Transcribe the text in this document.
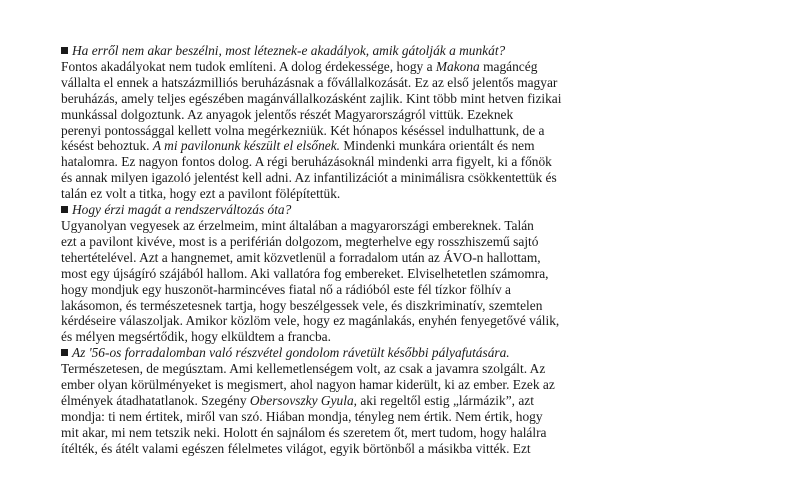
Ha erről nem akar beszélni, most léteznek-e akadályok, amik gátolják a munkát?

Fontos akadályokat nem tudok említeni. A dolog érdekessége, hogy a Makona magáncég
vállalta el ennek a hatszázmilliós beruházásnak a fővállalkozását. Ez az első jelentős magyar
beruházás, amely teljes egészében magánvállalkozásként zajlik. Kint több mint hetven fizikai
munkással dolgoztunk. Az anyagok jelentős részét Magyarországról vittük. Ezeknek
perenyi pontossággal kellett volna megérkezniük. Két hónapos késéssel indulhattunk, de a
késést behoztuk. A mi pavilonunk készült el elsőnek. Mindenki munkára orientált és nem
hatalomra. Ez nagyon fontos dolog. A régi beruházásoknál mindenki arra figyelt, ki a főnök
és annak milyen igazoló jelentést kell adni. Az infantilizációt a minimálisra csökkentettük és
talán ez volt a titka, hogy ezt a pavilont fölépítettük.

Hogy érzi magát a rendszerváltozás óta?

Ugyanolyan vegyesek az érzelmeim, mint általában a magyarországi embereknek. Talán
ezt a pavilont kivéve, most is a periférián dolgozom, megterhelve egy rosszhiszemű sajtó
tehertételével. Azt a hangnemet, amit közvetlenül a forradalom után az ÁVO-n hallottam,
most egy újságíró szájából hallom. Aki vallatóra fog embereket. Elviselhetetlen számomra,
hogy mondjuk egy huszonöt-harmincéves fiatal nő a rádióból este fél tízkor fölhív a
lakásomon, és természetesnek tartja, hogy beszélgessek vele, és diszkriminatív, szemtelen
kérdéseire válaszoljak. Amikor közlöm vele, hogy ez magánlakás, enyhén fenyegetővé válik,
és mélyen megsértődik, hogy elküldtem a francba.

Az '56-os forradalomban való részvétel gondolom rávetült későbbi pályafutására.

Természetesen, de megúsztam. Ami kellemetlenségem volt, az csak a javamra szolgált. Az
ember olyan körülményeket is megismert, ahol nagyon hamar kiderült, ki az ember. Ezek az
élmények átadhatatlanok. Szegény Obersovszky Gyula, aki regeltől estig „lármázik”, azt
mondja: ti nem értitek, miről van szó. Hiában mondja, tényleg nem értik. Nem értik, hogy
mit akar, mi nem tetszik neki. Holott én sajnálom és szeretem őt, mert tudom, hogy halálra
ítélték, és átélt valami egészen félelmetes világot, egyik börtönből a másikba vitték. Ezt
